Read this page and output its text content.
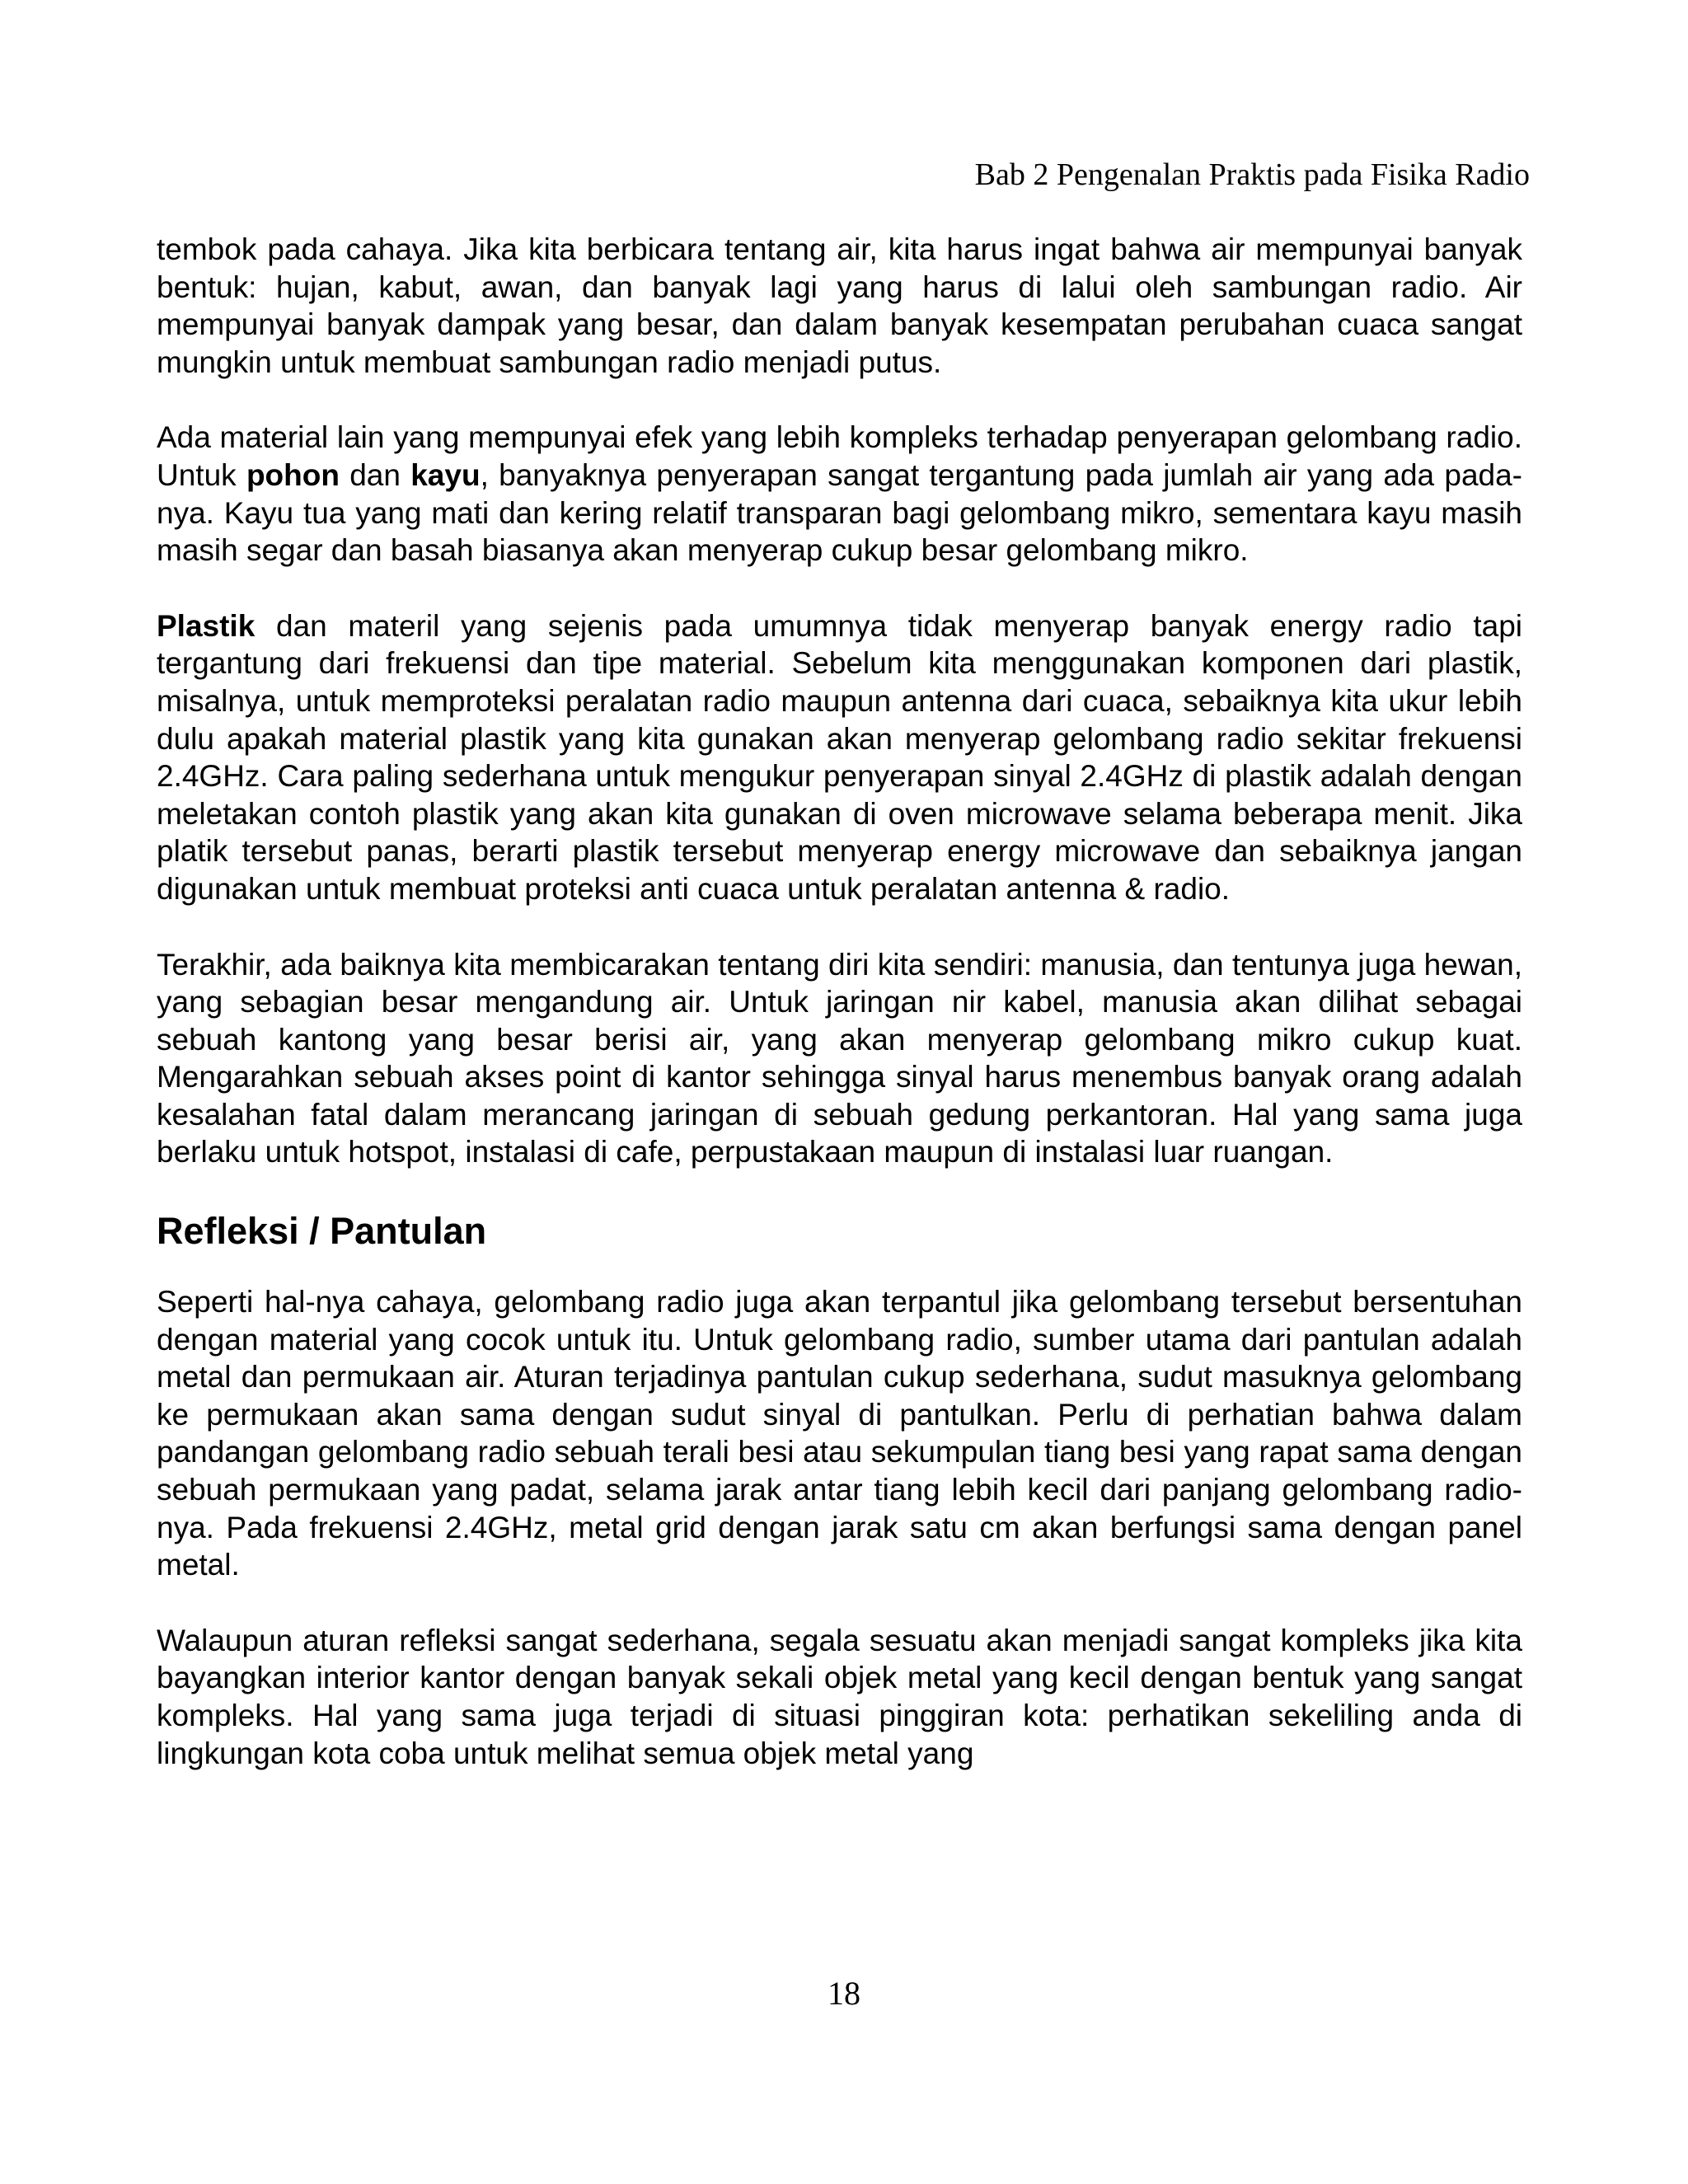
Bab 2 Pengenalan Praktis pada Fisika Radio

tembok pada cahaya. Jika kita berbicara tentang air, kita harus ingat bahwa air mempunyai banyak bentuk: hujan, kabut, awan, dan banyak lagi yang harus di lalui oleh sambungan radio. Air mempunyai banyak dampak yang besar, dan dalam banyak kesempatan perubahan cuaca sangat mungkin untuk membuat sambungan radio menjadi putus.

Ada material lain yang mempunyai efek yang lebih kompleks terhadap penyerapan gelombang radio. Untuk pohon dan kayu, banyaknya penyerapan sangat tergantung pada jumlah air yang ada pada-nya. Kayu tua yang mati dan kering relatif transparan bagi gelombang mikro, sementara kayu masih masih segar dan basah biasanya akan menyerap cukup besar gelombang mikro.

Plastik dan materil yang sejenis pada umumnya tidak menyerap banyak energy radio tapi tergantung dari frekuensi dan tipe material. Sebelum kita menggunakan komponen dari plastik, misalnya, untuk memproteksi peralatan radio maupun antenna dari cuaca, sebaiknya kita ukur lebih dulu apakah material plastik yang kita gunakan akan menyerap gelombang radio sekitar frekuensi 2.4GHz. Cara paling sederhana untuk mengukur penyerapan sinyal 2.4GHz di plastik adalah dengan meletakan contoh plastik yang akan kita gunakan di oven microwave selama beberapa menit. Jika platik tersebut panas, berarti plastik tersebut menyerap energy microwave dan sebaiknya jangan digunakan untuk membuat proteksi anti cuaca untuk peralatan antenna & radio.

Terakhir, ada baiknya kita membicarakan tentang diri kita sendiri: manusia, dan tentunya juga hewan, yang sebagian besar mengandung air. Untuk jaringan nir kabel, manusia akan dilihat sebagai sebuah kantong yang besar berisi air, yang akan menyerap gelombang mikro cukup kuat. Mengarahkan sebuah akses point di kantor sehingga sinyal harus menembus banyak orang adalah kesalahan fatal dalam merancang jaringan di sebuah gedung perkantoran. Hal yang sama juga berlaku untuk hotspot, instalasi di cafe, perpustakaan maupun di instalasi luar ruangan.

Refleksi / Pantulan

Seperti hal-nya cahaya, gelombang radio juga akan terpantul jika gelombang tersebut bersentuhan dengan material yang cocok untuk itu. Untuk gelombang radio, sumber utama dari pantulan adalah metal dan permukaan air. Aturan terjadinya pantulan cukup sederhana, sudut masuknya gelombang ke permukaan akan sama dengan sudut sinyal di pantulkan. Perlu di perhatian bahwa dalam pandangan gelombang radio sebuah terali besi atau sekumpulan tiang besi yang rapat sama dengan sebuah permukaan yang padat, selama jarak antar tiang lebih kecil dari panjang gelombang radio-nya. Pada frekuensi 2.4GHz, metal grid dengan jarak satu cm akan berfungsi sama dengan panel metal.

Walaupun aturan refleksi sangat sederhana, segala sesuatu akan menjadi sangat kompleks jika kita bayangkan interior kantor dengan banyak sekali objek metal yang kecil dengan bentuk yang sangat kompleks. Hal yang sama juga terjadi di situasi pinggiran kota: perhatikan sekeliling anda di lingkungan kota coba untuk melihat semua objek metal yang

18
